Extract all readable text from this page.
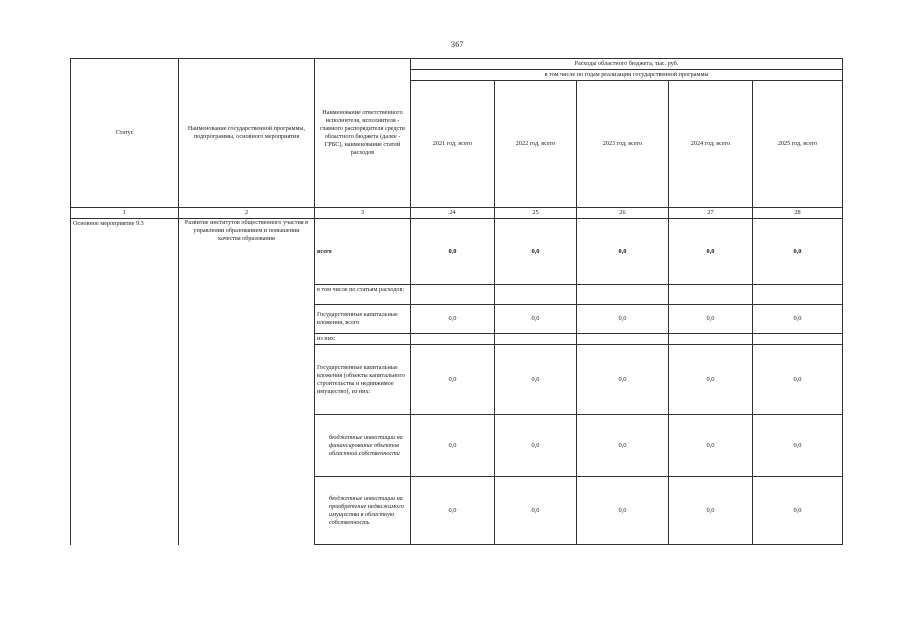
367
Статус	Наименование государственной программы, подпрограммы, основного мероприятия	Наименование ответственного исполнителя, исполнителя - главного распорядителя средств областного бюджета (далее - ГРБС), наименование статей расходов	Расходы областного бюджета, тыс. руб.				
			в том числе по годам реализации государственной программы				
			2021 год, всего	2022 год, всего	2023 год, всего	2024 год, всего	2025 год, всего
1	2	3	24	25	26	27	28
Основное мероприятие 9.3	Развитие институтов общественного участия в управлении образованием и повышении качества образования	всего	0,0	0,0	0,0	0,0	0,0
		в том числе по статьям расходов:					
		Государственные капитальные вложения, всего	0,0	0,0	0,0	0,0	0,0
		из них:					
		Государственные капитальные вложения (объекты капитального строительства и недвижимое имущество), из них:	0,0	0,0	0,0	0,0	0,0
		бюджетные инвестиции на финансирование объектов областной собственности	0,0	0,0	0,0	0,0	0,0
		бюджетные инвестиции на приобретение недвижимого имущества в областную собственность	0,0	0,0	0,0	0,0	0,0
